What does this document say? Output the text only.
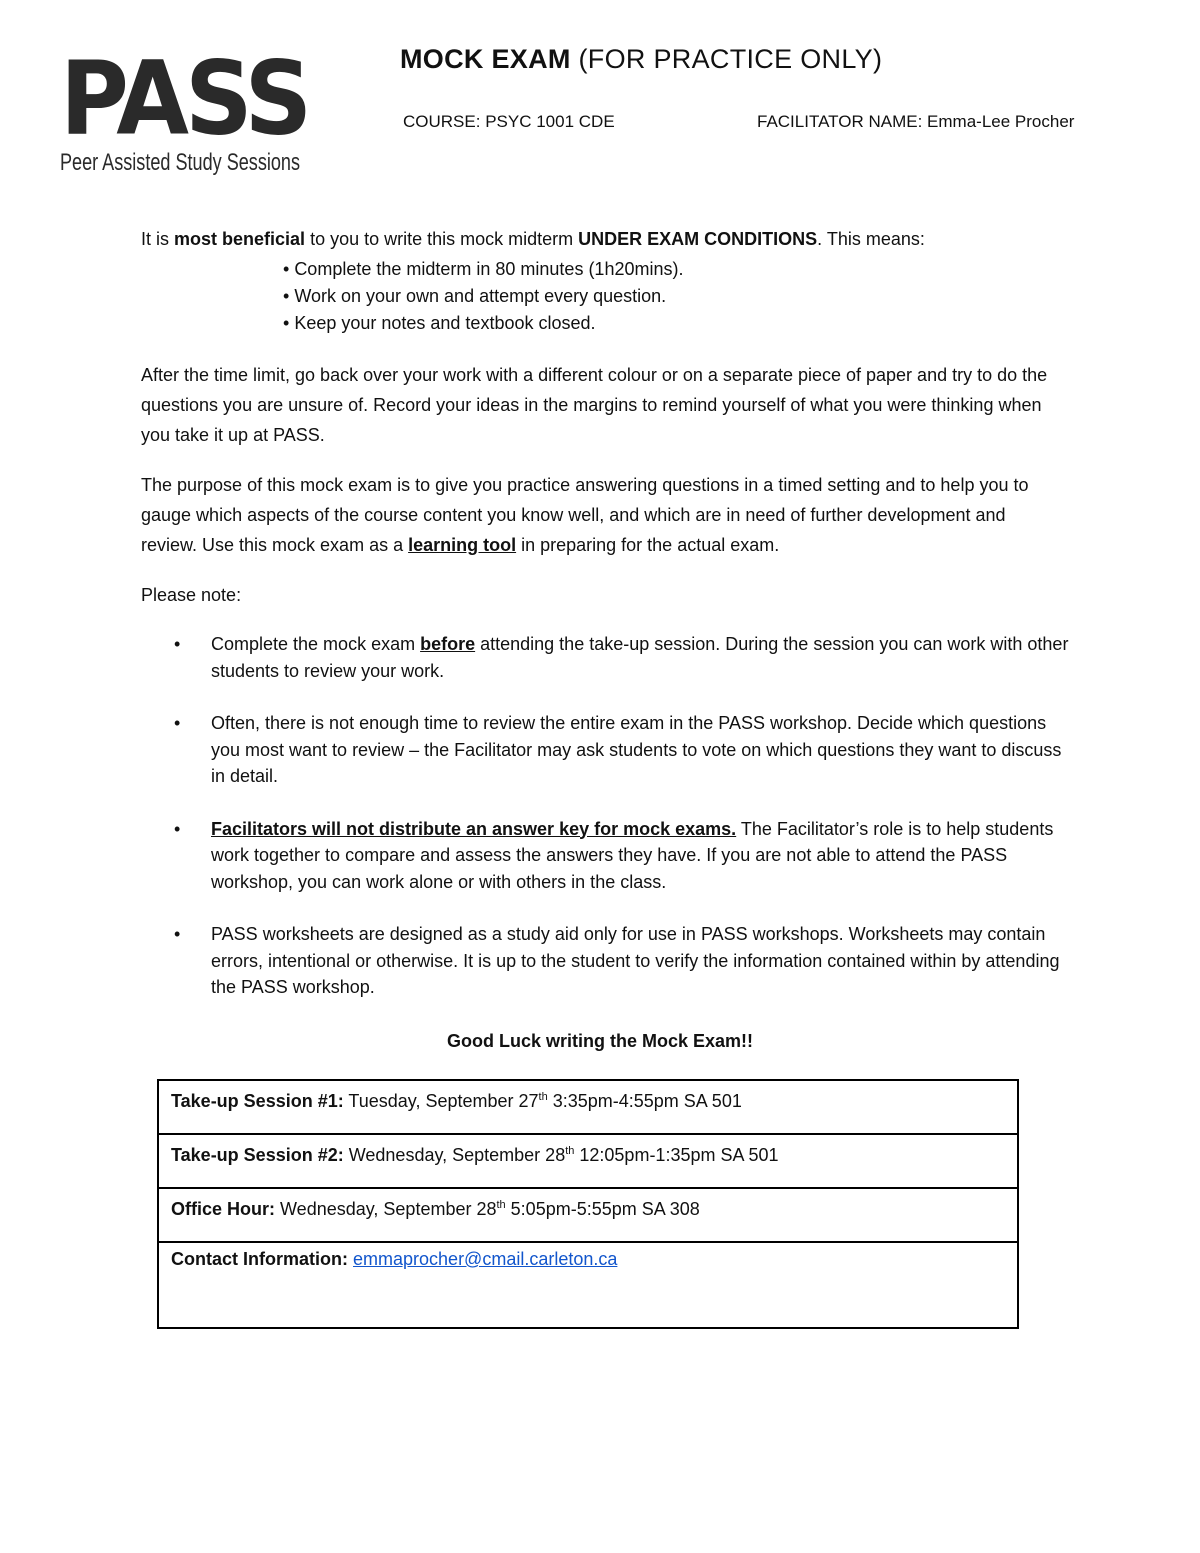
PASS
Peer Assisted Study Sessions
MOCK EXAM (FOR PRACTICE ONLY)
COURSE: PSYC 1001 CDE	FACILITATOR NAME: Emma-Lee Procher
It is most beneficial to you to write this mock midterm UNDER EXAM CONDITIONS. This means:
• Complete the midterm in 80 minutes (1h20mins).
• Work on your own and attempt every question.
• Keep your notes and textbook closed.
After the time limit, go back over your work with a different colour or on a separate piece of paper and try to do the questions you are unsure of. Record your ideas in the margins to remind yourself of what you were thinking when you take it up at PASS.
The purpose of this mock exam is to give you practice answering questions in a timed setting and to help you to gauge which aspects of the course content you know well, and which are in need of further development and review. Use this mock exam as a learning tool in preparing for the actual exam.
Please note:
• Complete the mock exam before attending the take-up session. During the session you can work with other students to review your work.
• Often, there is not enough time to review the entire exam in the PASS workshop. Decide which questions you most want to review – the Facilitator may ask students to vote on which questions they want to discuss in detail.
• Facilitators will not distribute an answer key for mock exams. The Facilitator’s role is to help students work together to compare and assess the answers they have. If you are not able to attend the PASS workshop, you can work alone or with others in the class.
• PASS worksheets are designed as a study aid only for use in PASS workshops. Worksheets may contain errors, intentional or otherwise. It is up to the student to verify the information contained within by attending the PASS workshop.
Good Luck writing the Mock Exam!!
Take-up Session #1: Tuesday, September 27th 3:35pm-4:55pm SA 501
Take-up Session #2: Wednesday, September 28th 12:05pm-1:35pm SA 501
Office Hour: Wednesday, September 28th 5:05pm-5:55pm SA 308
Contact Information: emmaprocher@cmail.carleton.ca
